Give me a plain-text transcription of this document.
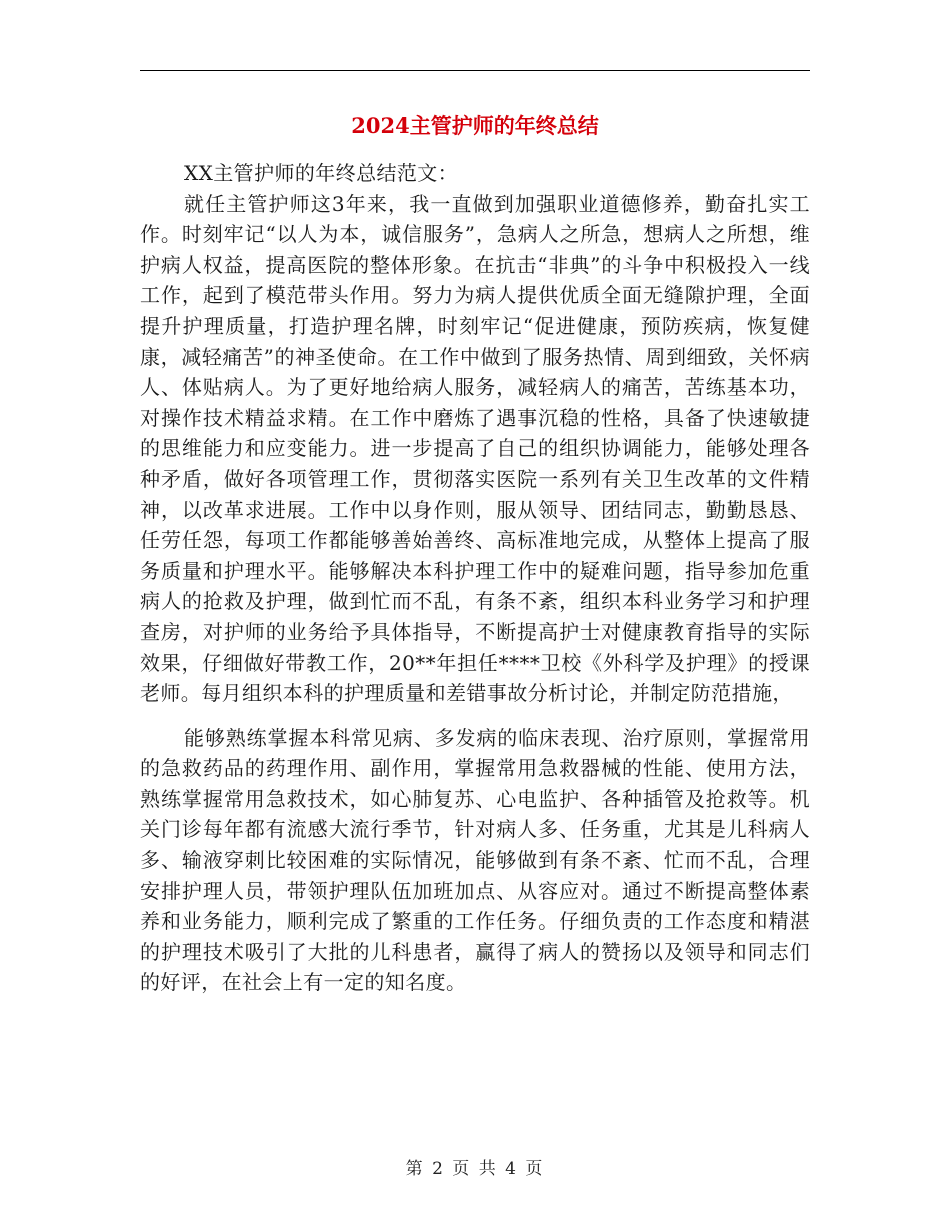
2024主管护师的年终总结

XX主管护师的年终总结范文：

就任主管护师这3年来，我一直做到加强职业道德修养，勤奋扎实工作。时刻牢记“以人为本，诚信服务”，急病人之所急，想病人之所想，维护病人权益，提高医院的整体形象。在抗击“非典”的斗争中积极投入一线工作，起到了模范带头作用。努力为病人提供优质全面无缝隙护理，全面提升护理质量，打造护理名牌，时刻牢记“促进健康，预防疾病，恢复健康，减轻痛苦”的神圣使命。在工作中做到了服务热情、周到细致，关怀病人、体贴病人。为了更好地给病人服务，减轻病人的痛苦，苦练基本功，对操作技术精益求精。在工作中磨炼了遇事沉稳的性格，具备了快速敏捷的思维能力和应变能力。进一步提高了自己的组织协调能力，能够处理各种矛盾，做好各项管理工作，贯彻落实医院一系列有关卫生改革的文件精神，以改革求进展。工作中以身作则，服从领导、团结同志，勤勤恳恳、任劳任怨，每项工作都能够善始善终、高标准地完成，从整体上提高了服务质量和护理水平。能够解决本科护理工作中的疑难问题，指导参加危重病人的抢救及护理，做到忙而不乱，有条不紊，组织本科业务学习和护理查房，对护师的业务给予具体指导，不断提高护士对健康教育指导的实际效果，仔细做好带教工作，20**年担任****卫校《外科学及护理》的授课老师。每月组织本科的护理质量和差错事故分析讨论，并制定防范措施，

能够熟练掌握本科常见病、多发病的临床表现、治疗原则，掌握常用的急救药品的药理作用、副作用，掌握常用急救器械的性能、使用方法，熟练掌握常用急救技术，如心肺复苏、心电监护、各种插管及抢救等。机关门诊每年都有流感大流行季节，针对病人多、任务重，尤其是儿科病人多、输液穿刺比较困难的实际情况，能够做到有条不紊、忙而不乱，合理安排护理人员，带领护理队伍加班加点、从容应对。通过不断提高整体素养和业务能力，顺利完成了繁重的工作任务。仔细负责的工作态度和精湛的护理技术吸引了大批的儿科患者，赢得了病人的赞扬以及领导和同志们的好评，在社会上有一定的知名度。

第 2 页 共 4 页
